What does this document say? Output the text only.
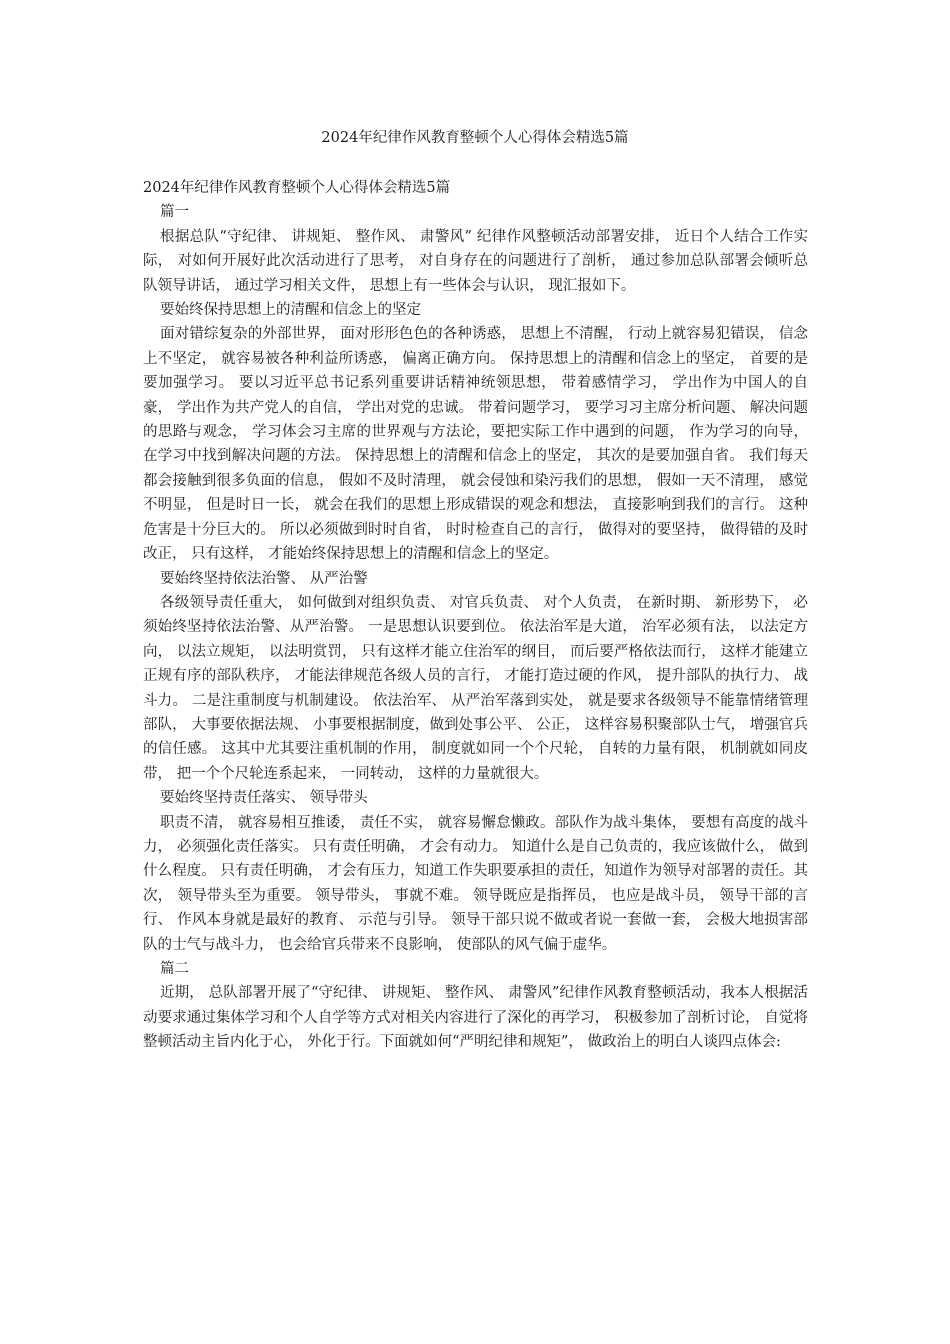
2024年纪律作风教育整顿个人心得体会精选5篇

2024年纪律作风教育整顿个人心得体会精选5篇

篇一

根据总队“守纪律、 讲规矩、 整作风、 肃警风” 纪律作风整顿活动部署安排， 近日个人结合工作实际， 对如何开展好此次活动进行了思考， 对自身存在的问题进行了剖析， 通过参加总队部署会倾听总队领导讲话， 通过学习相关文件， 思想上有一些体会与认识， 现汇报如下。

要始终保持思想上的清醒和信念上的坚定

面对错综复杂的外部世界， 面对形形色色的各种诱惑， 思想上不清醒， 行动上就容易犯错误， 信念上不坚定， 就容易被各种利益所诱惑， 偏离正确方向。 保持思想上的清醒和信念上的坚定， 首要的是要加强学习。 要以习近平总书记系列重要讲话精神统领思想， 带着感情学习， 学出作为中国人的自豪， 学出作为共产党人的自信， 学出对党的忠诚。 带着问题学习， 要学习习主席分析问题、 解决问题的思路与观念， 学习体会习主席的世界观与方法论，要把实际工作中遇到的问题， 作为学习的向导， 在学习中找到解决问题的方法。 保持思想上的清醒和信念上的坚定， 其次的是要加强自省。 我们每天都会接触到很多负面的信息， 假如不及时清理， 就会侵蚀和染污我们的思想， 假如一天不清理， 感觉不明显， 但是时日一长， 就会在我们的思想上形成错误的观念和想法， 直接影响到我们的言行。 这种危害是十分巨大的。 所以必须做到时时自省， 时时检查自己的言行， 做得对的要坚持， 做得错的及时改正， 只有这样， 才能始终保持思想上的清醒和信念上的坚定。

要始终坚持依法治警、 从严治警

各级领导责任重大， 如何做到对组织负责、 对官兵负责、 对个人负责， 在新时期、 新形势下， 必须始终坚持依法治警、从严治警。 一是思想认识要到位。 依法治军是大道， 治军必须有法， 以法定方向， 以法立规矩， 以法明赏罚， 只有这样才能立住治军的纲目， 而后要严格依法而行， 这样才能建立正规有序的部队秩序， 才能法律规范各级人员的言行， 才能打造过硬的作风， 提升部队的执行力、 战斗力。 二是注重制度与机制建设。 依法治军、 从严治军落到实处， 就是要求各级领导不能靠情绪管理部队， 大事要依据法规、 小事要根据制度，做到处事公平、 公正， 这样容易积聚部队士气， 增强官兵的信任感。 这其中尤其要注重机制的作用， 制度就如同一个个尺轮， 自转的力量有限， 机制就如同皮带， 把一个个尺轮连系起来， 一同转动， 这样的力量就很大。

要始终坚持责任落实、 领导带头

职责不清， 就容易相互推诿， 责任不实， 就容易懈怠懒政。部队作为战斗集体， 要想有高度的战斗力， 必须强化责任落实。 只有责任明确， 才会有动力。 知道什么是自己负责的，我应该做什么， 做到什么程度。 只有责任明确， 才会有压力，知道工作失职要承担的责任，知道作为领导对部署的责任。其次， 领导带头至为重要。 领导带头， 事就不难。 领导既应是指挥员， 也应是战斗员， 领导干部的言行、 作风本身就是最好的教育、 示范与引导。 领导干部只说不做或者说一套做一套， 会极大地损害部队的士气与战斗力， 也会给官兵带来不良影响， 使部队的风气偏于虚华。

篇二

近期， 总队部署开展了“守纪律、 讲规矩、 整作风、 肃警风”纪律作风教育整顿活动，我本人根据活动要求通过集体学习和个人自学等方式对相关内容进行了深化的再学习， 积极参加了剖析讨论， 自觉将整顿活动主旨内化于心， 外化于行。下面就如何“严明纪律和规矩”， 做政治上的明白人谈四点体会:
